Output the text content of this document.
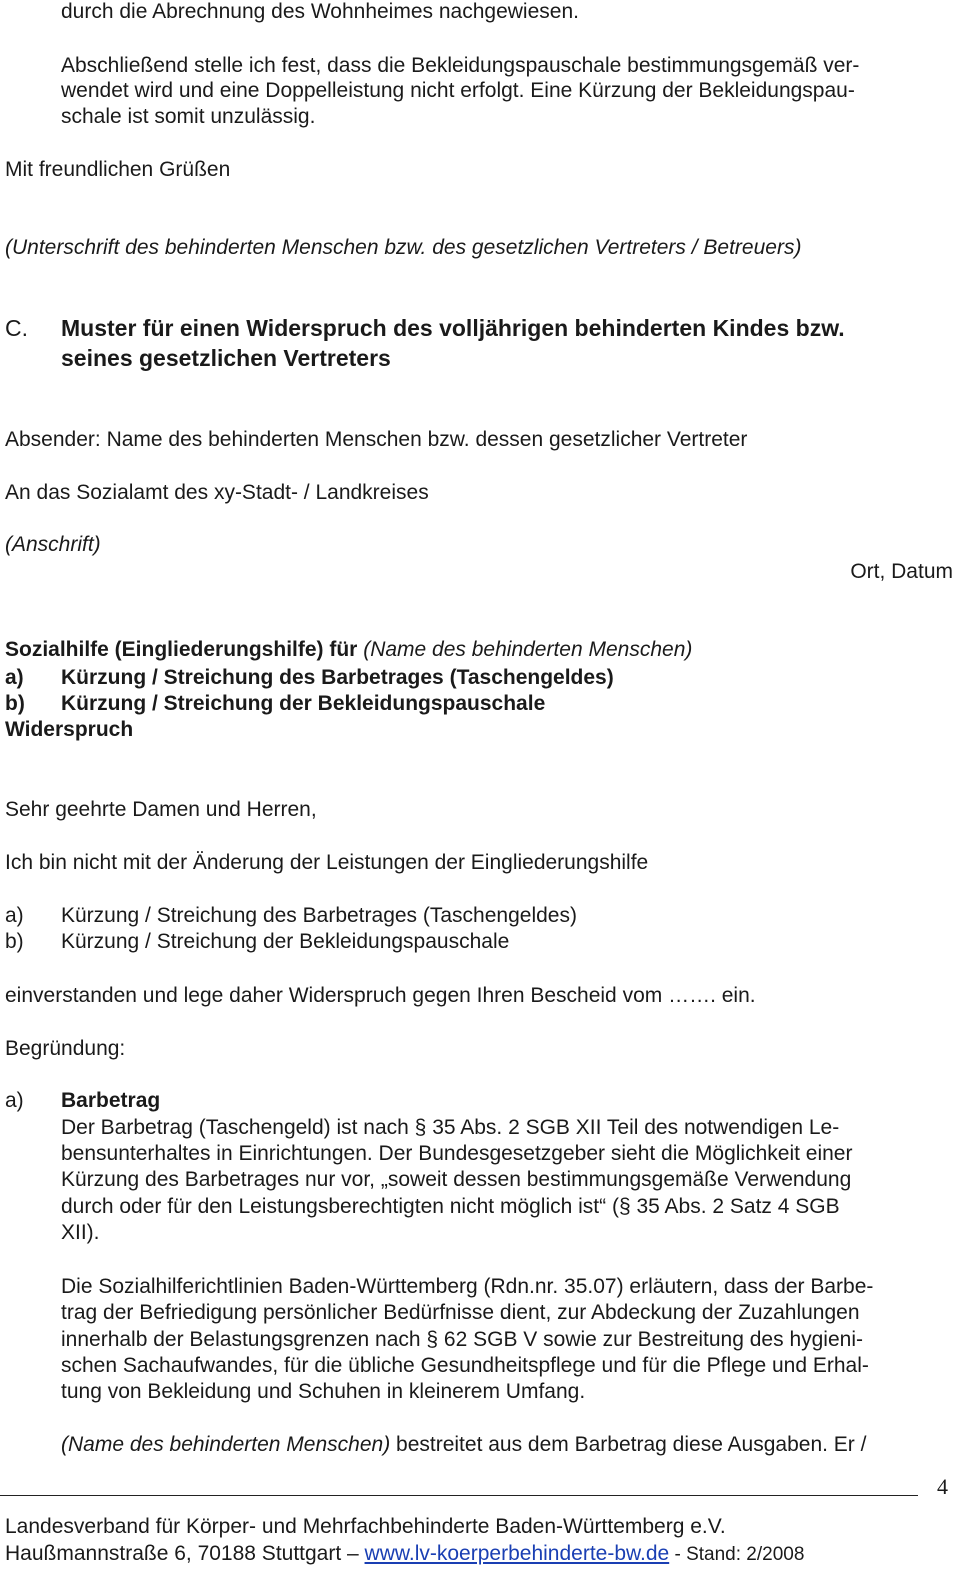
durch die Abrechnung des Wohnheimes nachgewiesen.
Abschließend stelle ich fest, dass die Bekleidungspauschale bestimmungsgemäß ver-
wendet wird und eine Doppelleistung nicht erfolgt. Eine Kürzung der Bekleidungspau-
schale ist somit unzulässig.
Mit freundlichen Grüßen
(Unterschrift des behinderten Menschen bzw. des gesetzlichen Vertreters / Betreuers)
C. Muster für einen Widerspruch des volljährigen behinderten Kindes bzw.
seines gesetzlichen Vertreters
Absender: Name des behinderten Menschen bzw. dessen gesetzlicher Vertreter
An das Sozialamt des xy-Stadt- / Landkreises
(Anschrift)
Ort, Datum
Sozialhilfe (Eingliederungshilfe) für (Name des behinderten Menschen)
a) Kürzung / Streichung des Barbetrages (Taschengeldes)
b) Kürzung / Streichung der Bekleidungspauschale
Widerspruch
Sehr geehrte Damen und Herren,
Ich bin nicht mit der Änderung der Leistungen der Eingliederungshilfe
a) Kürzung / Streichung des Barbetrages (Taschengeldes)
b) Kürzung / Streichung der Bekleidungspauschale
einverstanden und lege daher Widerspruch gegen Ihren Bescheid vom ……. ein.
Begründung:
a) Barbetrag
Der Barbetrag (Taschengeld) ist nach § 35 Abs. 2 SGB XII Teil des notwendigen Le-
bensunterhaltes in Einrichtungen. Der Bundesgesetzgeber sieht die Möglichkeit einer
Kürzung des Barbetrages nur vor, „soweit dessen bestimmungsgemäße Verwendung
durch oder für den Leistungsberechtigten nicht möglich ist“ (§ 35 Abs. 2 Satz 4 SGB
XII).
Die Sozialhilferichtlinien Baden-Württemberg (Rdn.nr. 35.07) erläutern, dass der Barbe-
trag der Befriedigung persönlicher Bedürfnisse dient, zur Abdeckung der Zuzahlungen
innerhalb der Belastungsgrenzen nach § 62 SGB V sowie zur Bestreitung des hygieni-
schen Sachaufwandes, für die übliche Gesundheitspflege und für die Pflege und Erhal-
tung von Bekleidung und Schuhen in kleinerem Umfang.
(Name des behinderten Menschen) bestreitet aus dem Barbetrag diese Ausgaben. Er /
4
Landesverband für Körper- und Mehrfachbehinderte Baden-Württemberg e.V.
Haußmannstraße 6, 70188 Stuttgart – www.lv-koerperbehinderte-bw.de - Stand: 2/2008
